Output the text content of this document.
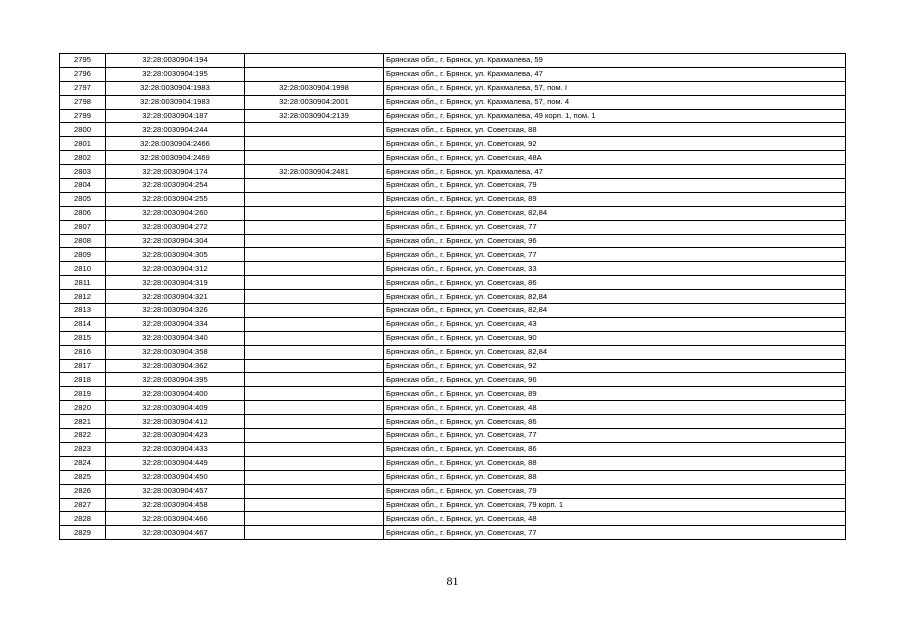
2795	32:28:0030904:194		Брянская обл., г. Брянск, ул. Крахмалева, 59
2796	32:28:0030904:195		Брянская обл., г. Брянск, ул. Крахмалева, 47
2797	32:28:0030904:1983	32:28:0030904:1998	Брянская обл., г. Брянск, ул. Крахмалева, 57, пом. I
2798	32:28:0030904:1983	32:28:0030904:2001	Брянская обл., г. Брянск, ул. Крахмалева, 57, пом. 4
2799	32:28:0030904:187	32:28:0030904:2139	Брянская обл., г. Брянск, ул. Крахмалева, 49 корп. 1, пом. 1
2800	32:28:0030904:244		Брянская обл., г. Брянск, ул. Советская, 88
2801	32:28:0030904:2466		Брянская обл., г. Брянск, ул. Советская, 92
2802	32:28:0030904:2469		Брянская обл., г. Брянск, ул. Советская, 48А
2803	32:28:0030904:174	32:28:0030904:2481	Брянская обл., г. Брянск, ул. Крахмалева, 47
2804	32:28:0030904:254		Брянская обл., г. Брянск, ул. Советская, 79
2805	32:28:0030904:255		Брянская обл., г. Брянск, ул. Советская, 89
2806	32:28:0030904:260		Брянская обл., г. Брянск, ул. Советская, 82,84
2807	32:28:0030904:272		Брянская обл., г. Брянск, ул. Советская, 77
2808	32:28:0030904:304		Брянская обл., г. Брянск, ул. Советская, 96
2809	32:28:0030904:305		Брянская обл., г. Брянск, ул. Советская, 77
2810	32:28:0030904:312		Брянская обл., г. Брянск, ул. Советская, 33
2811	32:28:0030904:319		Брянская обл., г. Брянск, ул. Советская, 86
2812	32:28:0030904:321		Брянская обл., г. Брянск, ул. Советская, 82,84
2813	32:28:0030904:326		Брянская обл., г. Брянск, ул. Советская, 82,84
2814	32:28:0030904:334		Брянская обл., г. Брянск, ул. Советская, 43
2815	32:28:0030904:340		Брянская обл., г. Брянск, ул. Советская, 90
2816	32:28:0030904:358		Брянская обл., г. Брянск, ул. Советская, 82,84
2817	32:28:0030904:362		Брянская обл., г. Брянск, ул. Советская, 92
2818	32:28:0030904:395		Брянская обл., г. Брянск, ул. Советская, 96
2819	32:28:0030904:400		Брянская обл., г. Брянск, ул. Советская, 89
2820	32:28:0030904:409		Брянская обл., г. Брянск, ул. Советская, 48
2821	32:28:0030904:412		Брянская обл., г. Брянск, ул. Советская, 86
2822	32:28:0030904:423		Брянская обл., г. Брянск, ул. Советская, 77
2823	32:28:0030904:433		Брянская обл., г. Брянск, ул. Советская, 86
2824	32:28:0030904:449		Брянская обл., г. Брянск, ул. Советская, 88
2825	32:28:0030904:450		Брянская обл., г. Брянск, ул. Советская, 88
2826	32:28:0030904:457		Брянская обл., г. Брянск, ул. Советская, 79
2827	32:28:0030904:458		Брянская обл., г. Брянск, ул. Советская, 79 корп. 1
2828	32:28:0030904:466		Брянская обл., г. Брянск, ул. Советская, 48
2829	32:28:0030904:467		Брянская обл., г. Брянск, ул. Советская, 77
81
